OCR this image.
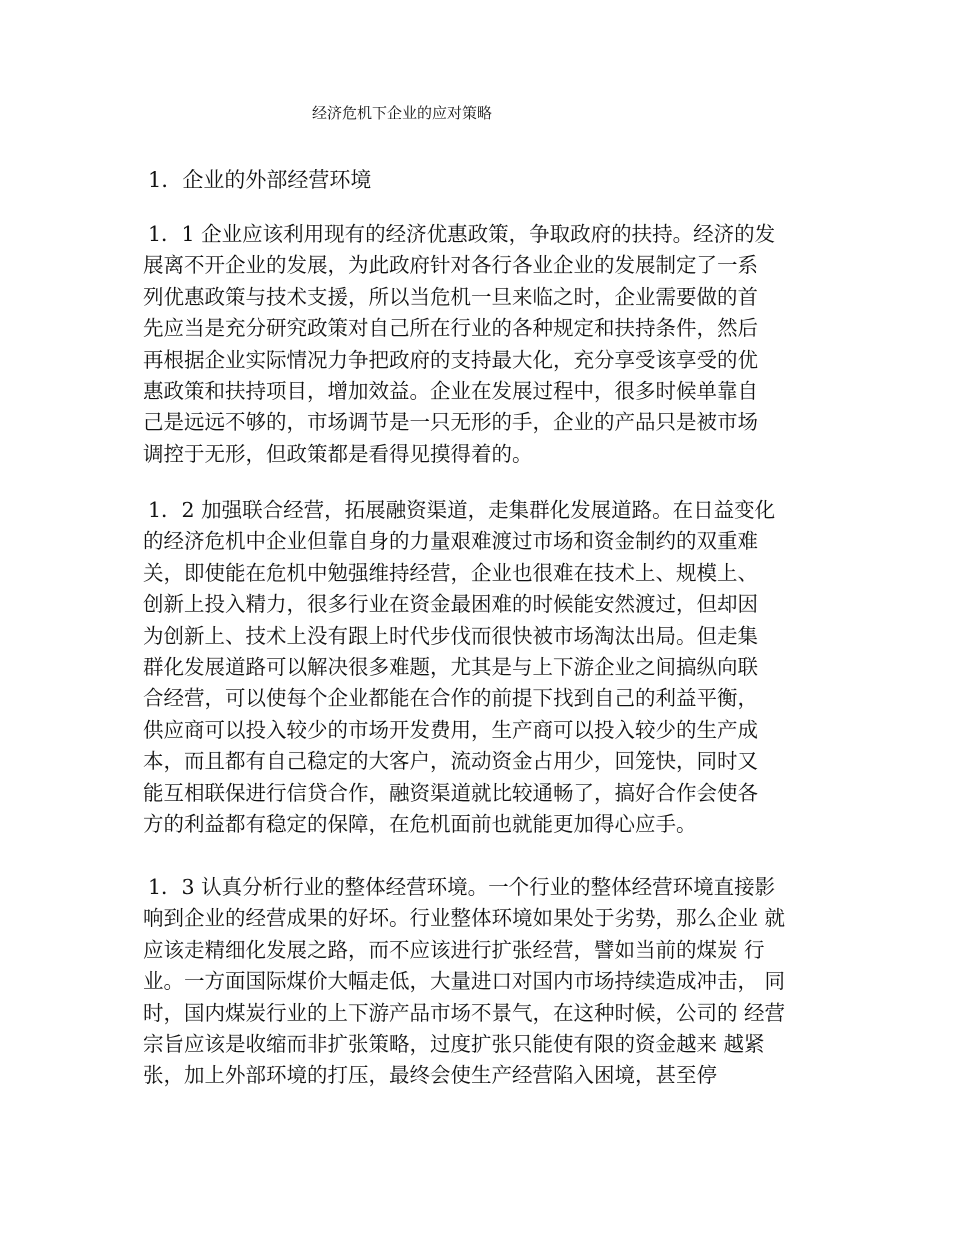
经济危机下企业的应对策略
1．企业的外部经营环境
1．1 企业应该利用现有的经济优惠政策，争取政府的扶持。经济的发
展离不开企业的发展，为此政府针对各行各业企业的发展制定了一系
列优惠政策与技术支援，所以当危机一旦来临之时，企业需要做的首
先应当是充分研究政策对自己所在行业的各种规定和扶持条件，然后
再根据企业实际情况力争把政府的支持最大化，充分享受该享受的优
惠政策和扶持项目，增加效益。企业在发展过程中，很多时候单靠自
己是远远不够的，市场调节是一只无形的手，企业的产品只是被市场
调控于无形，但政策都是看得见摸得着的。
1．2 加强联合经营，拓展融资渠道，走集群化发展道路。在日益变化
的经济危机中企业但靠自身的力量艰难渡过市场和资金制约的双重难
关，即使能在危机中勉强维持经营，企业也很难在技术上、规模上、
创新上投入精力，很多行业在资金最困难的时候能安然渡过，但却因
为创新上、技术上没有跟上时代步伐而很快被市场淘汰出局。但走集
群化发展道路可以解决很多难题，尤其是与上下游企业之间搞纵向联
合经营，可以使每个企业都能在合作的前提下找到自己的利益平衡，
供应商可以投入较少的市场开发费用，生产商可以投入较少的生产成
本，而且都有自己稳定的大客户，流动资金占用少，回笼快，同时又
能互相联保进行信贷合作，融资渠道就比较通畅了，搞好合作会使各
方的利益都有稳定的保障，在危机面前也就能更加得心应手。
1．3 认真分析行业的整体经营环境。一个行业的整体经营环境直接影
响到企业的经营成果的好坏。行业整体环境如果处于劣势，那么企业 就
应该走精细化发展之路，而不应该进行扩张经营，譬如当前的煤炭 行
业。一方面国际煤价大幅走低，大量进口对国内市场持续造成冲击， 同
时，国内煤炭行业的上下游产品市场不景气，在这种时候，公司的 经营
宗旨应该是收缩而非扩张策略，过度扩张只能使有限的资金越来 越紧
张，加上外部环境的打压，最终会使生产经营陷入困境，甚至停
